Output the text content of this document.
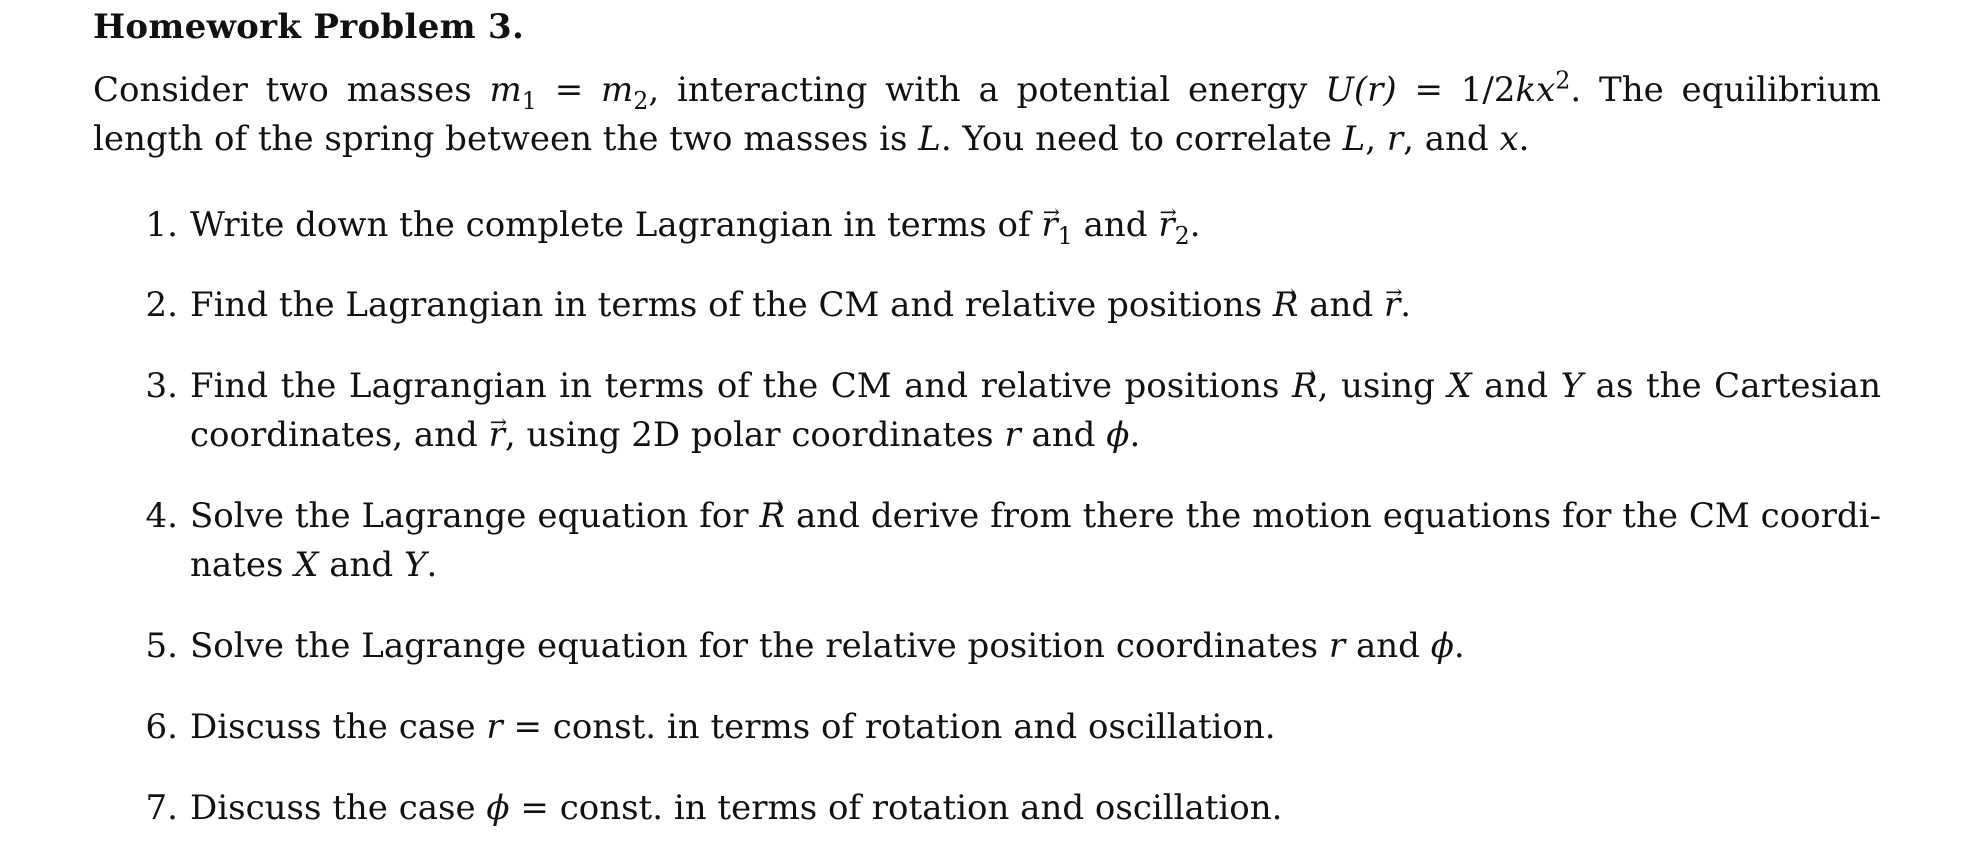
Homework Problem 3.
Consider two masses $m_1 = m_2$, interacting with a potential energy $U(r) = 1/2kx^2$. The equilibrium
length of the spring between the two masses is L. You need to correlate L, r, and x.
1. Write down the complete Lagrangian in terms of → $r_1$ and → $r_2$.
2. Find the Lagrangian in terms of the CM and relative positions → R and → r.
3. Find the Lagrangian in terms of the CM and relative positions → R, using X and Y as the Cartesian
coordinates, and → r, using 2D polar coordinates r and ϕ.
4. Solve the Lagrange equation for → R and derive from there the motion equations for the CM coordi-
nates X and Y.
5. Solve the Lagrange equation for the relative position coordinates r and ϕ.
6. Discuss the case r = const. in terms of rotation and oscillation.
7. Discuss the case ϕ = const. in terms of rotation and oscillation.
